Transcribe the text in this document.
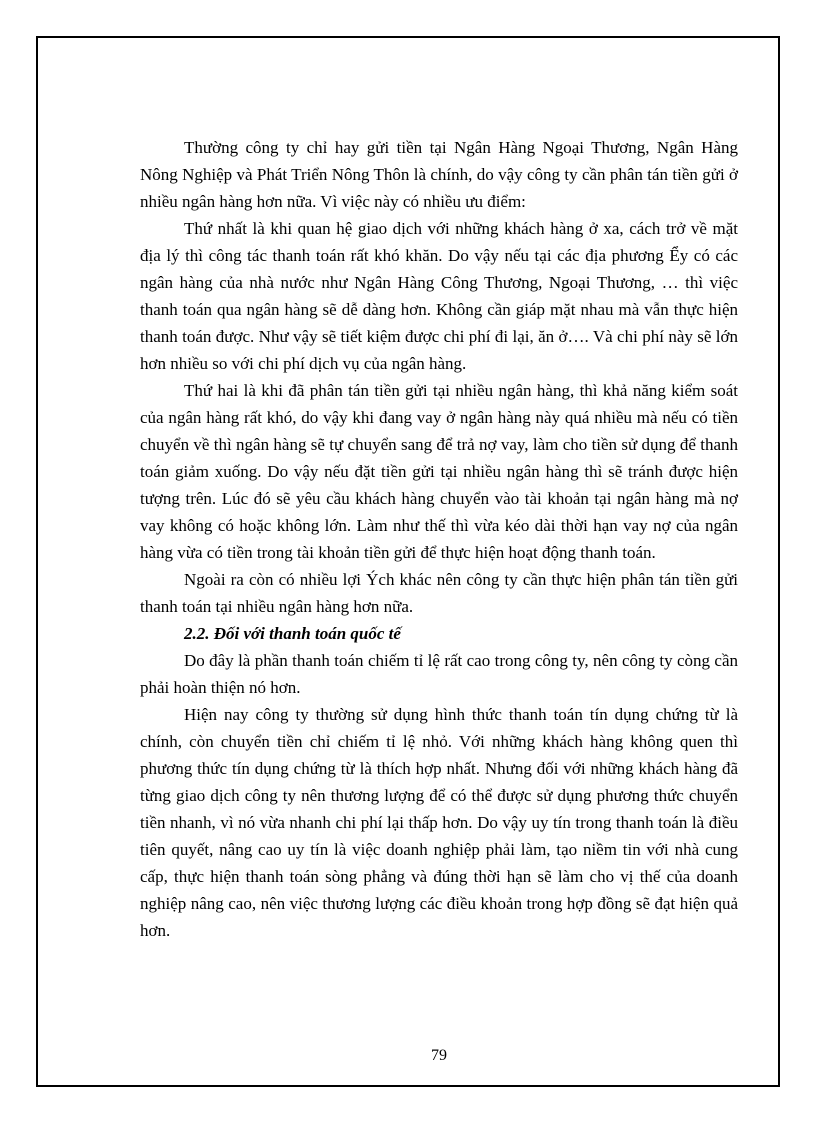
Thường công ty chỉ hay gửi tiền tại Ngân Hàng Ngoại Thương, Ngân Hàng Nông Nghiệp và Phát Triển Nông Thôn là chính, do vậy công ty cần phân tán tiền gửi ở nhiều ngân hàng hơn nữa. Vì việc này có nhiều ưu điểm:

Thứ nhất là khi quan hệ giao dịch với những khách hàng ở xa, cách trở về mặt địa lý thì công tác thanh toán rất khó khăn. Do vậy nếu tại các địa phương Ểy có các ngân hàng của nhà nước như Ngân Hàng Công Thương, Ngoại Thương, … thì việc thanh toán qua ngân hàng sẽ dễ dàng hơn. Không cần giáp mặt nhau mà vẫn thực hiện thanh toán được. Như vậy sẽ tiết kiệm được chi phí đi lại, ăn ở…. Và chi phí này sẽ lớn hơn nhiều so với chi phí dịch vụ của ngân hàng.

Thứ hai là khi đã phân tán tiền gửi tại nhiều ngân hàng, thì khả năng kiểm soát của ngân hàng rất khó, do vậy khi đang vay ở ngân hàng này quá nhiều mà nếu có tiền chuyển về thì ngân hàng sẽ tự chuyển sang để trả nợ vay, làm cho tiền sử dụng để thanh toán giảm xuống. Do vậy nếu đặt tiền gửi tại nhiều ngân hàng thì sẽ tránh được hiện tượng trên. Lúc đó sẽ yêu cầu khách hàng chuyển vào tài khoản tại ngân hàng mà nợ vay không có hoặc không lớn. Làm như thế thì vừa kéo dài thời hạn vay nợ của ngân hàng vừa có tiền trong tài khoản tiền gửi để thực hiện hoạt động thanh toán.

Ngoài ra còn có nhiều lợi Ých khác nên công ty cần thực hiện phân tán tiền gửi thanh toán tại nhiều ngân hàng hơn nữa.

2.2. Đối với thanh toán quốc tế

Do đây là phần thanh toán chiếm tỉ lệ rất cao trong công ty, nên công ty còng cần phải hoàn thiện nó hơn.

Hiện nay công ty thường sử dụng hình thức thanh toán tín dụng chứng từ là chính, còn chuyển tiền chỉ chiếm tỉ lệ nhỏ. Với những khách hàng không quen thì phương thức tín dụng chứng từ là thích hợp nhất. Nhưng đối với những khách hàng đã từng giao dịch công ty nên thương lượng để có thể được sử dụng phương thức chuyển tiền nhanh, vì nó vừa nhanh chi phí lại thấp hơn. Do vậy uy tín trong thanh toán là điều tiên quyết, nâng cao uy tín là việc doanh nghiệp phải làm, tạo niềm tin với nhà cung cấp, thực hiện thanh toán sòng phẳng và đúng thời hạn sẽ làm cho vị thế của doanh nghiệp nâng cao, nên việc thương lượng các điều khoản trong hợp đồng sẽ đạt hiện quả hơn.

79
